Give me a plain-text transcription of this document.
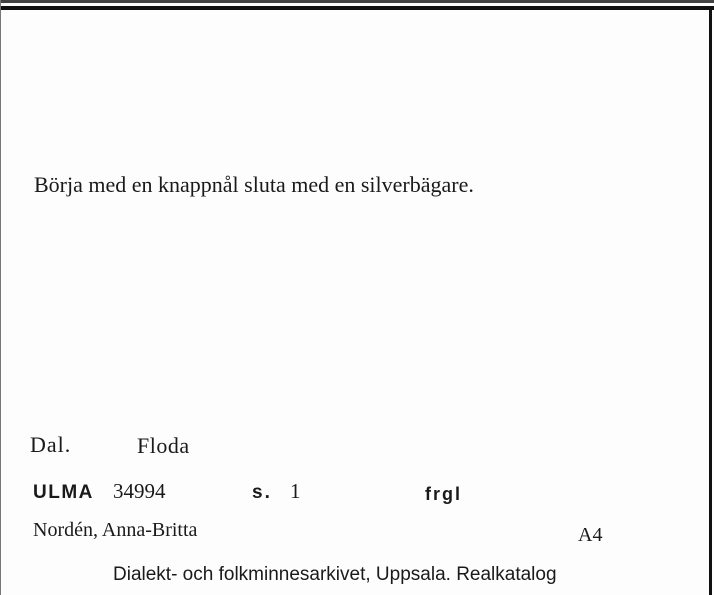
Börja med en knappnål sluta med en silverbägare.
Dal.	Floda
ULMA 34994	s. 1	frgl
Nordén, Anna-Britta	A4
Dialekt- och folkminnesarkivet, Uppsala. Realkatalog
